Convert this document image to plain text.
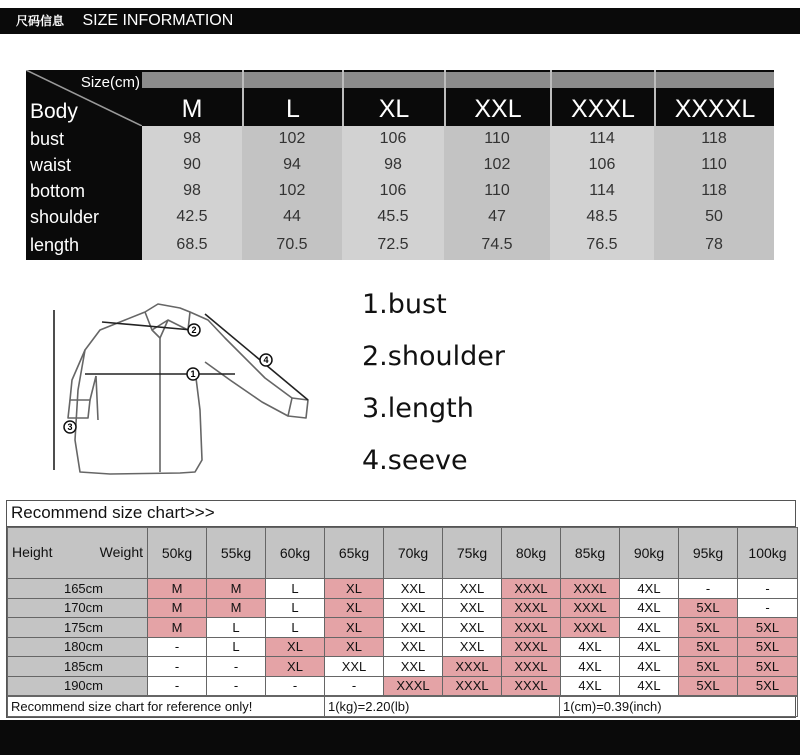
尺码信息 SIZE INFORMATION
Size(cm)
Body	M	L	XL	XXL	XXXL	XXXXL
bust	98	102	106	110	114	118
waist	90	94	98	102	106	110
bottom	98	102	106	110	114	118
shoulder	42.5	44	45.5	47	48.5	50
length	68.5	70.5	72.5	74.5	76.5	78
2
1
3
4
1.bust
2.shoulder
3.length
4.seeve
Recommend size chart>>>
Height Weight	50kg	55kg	60kg	65kg	70kg	75kg	80kg	85kg	90kg	95kg	100kg
165cm	M	M	L	XL	XXL	XXL	XXXL	XXXL	4XL	-	-
170cm	M	M	L	XL	XXL	XXL	XXXL	XXXL	4XL	5XL	-
175cm	M	L	L	XL	XXL	XXL	XXXL	XXXL	4XL	5XL	5XL
180cm	-	L	XL	XL	XXL	XXL	XXXL	4XL	4XL	5XL	5XL
185cm	-	-	XL	XXL	XXL	XXXL	XXXL	4XL	4XL	5XL	5XL
190cm	-	-	-	-	XXXL	XXXL	XXXL	4XL	4XL	5XL	5XL
Recommend size chart for reference only!	1(kg)=2.20(lb)	1(cm)=0.39(inch)
